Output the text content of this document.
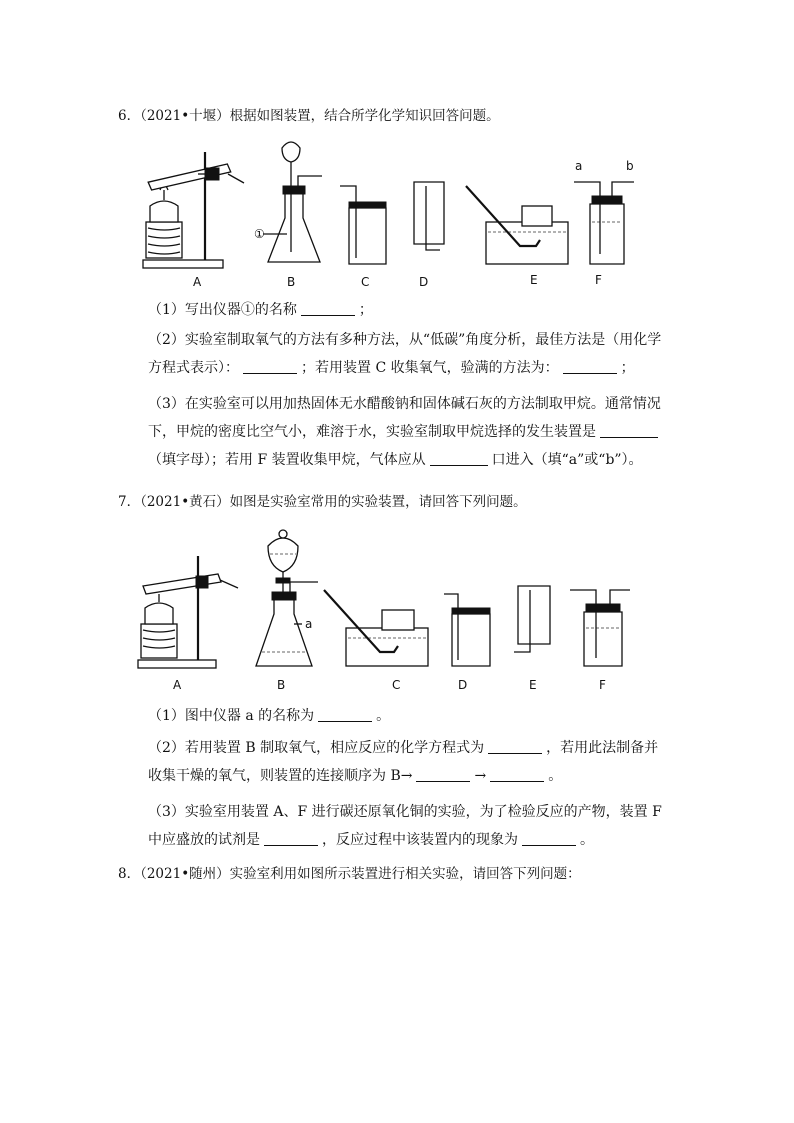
6．（2021•十堰）根据如图装置，结合所学化学知识回答问题。
A
①
B	C	D	E
a	b
F
（1）写出仪器①的名称	；
（2）实验室制取氧气的方法有多种方法，从“低碳”角度分析，最佳方法是（用化学方程式表示）：	；若用装置 C 收集氧气，验满的方法为：	；
（3）在实验室可以用加热固体无水醋酸钠和固体碱石灰的方法制取甲烷。通常情况下，甲烷的密度比空气小，难溶于水，实验室制取甲烷选择的发生装置是（填字母）；若用 F 装置收集甲烷，气体应从	口进入（填“a”或“b”）。
7．（2021•黄石）如图是实验室常用的实验装置，请回答下列问题。
A
a
B	C	D	E	F
（1）图中仪器 a 的名称为	。
（2）若用装置 B 制取氧气，相应反应的化学方程式为	，若用此法制备并收集干燥的氧气，则装置的连接顺序为 B→	→	。
（3）实验室用装置 A、F 进行碳还原氧化铜的实验，为了检验反应的产物，装置 F 中应盛放的试剂是	，反应过程中该装置内的现象为	。
8．（2021•随州）实验室利用如图所示装置进行相关实验，请回答下列问题：
